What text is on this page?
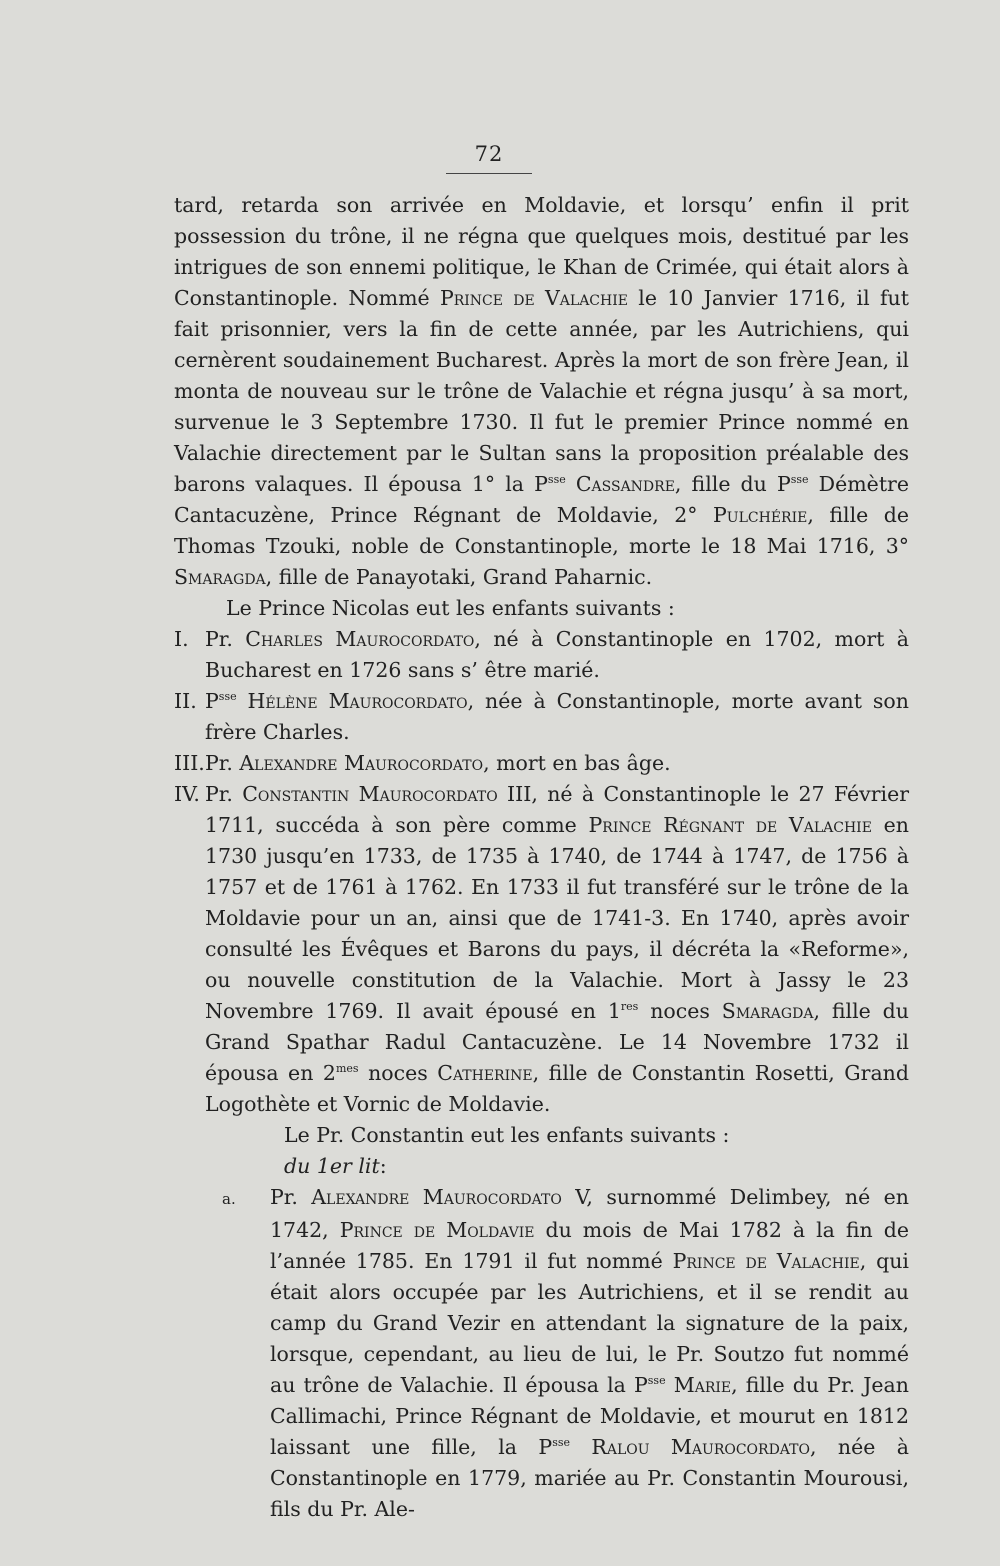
72

tard, retarda son arrivée en Moldavie, et lorsqu’ enfin il prit possession du trône, il ne régna que quelques mois, destitué par les intrigues de son ennemi politique, le Khan de Crimée, qui était alors à Constantinople. Nommé Prince de Valachie le 10 Janvier 1716, il fut fait prisonnier, vers la fin de cette année, par les Autrichiens, qui cernèrent soudainement Bucharest. Après la mort de son frère Jean, il monta de nouveau sur le trône de Valachie et régna jusqu’ à sa mort, survenue le 3 Septembre 1730. Il fut le premier Prince nommé en Valachie directement par le Sultan sans la proposition préalable des barons valaques. Il épousa 1° la $P^{sse}$ Cassandre, fille du $P^{sse}$ Démètre Cantacuzène, Prince Régnant de Moldavie, 2° Pulchérie, fille de Thomas Tzouki, noble de Constantinople, morte le 18 Mai 1716, 3° Smaragda, fille de Panayotaki, Grand Paharnic.

Le Prince Nicolas eut les enfants suivants :

I. Pr. Charles Maurocordato, né à Constantinople en 1702, mort à Bucharest en 1726 sans s’ être marié.

II. $P^{sse}$ Hélène Maurocordato, née à Constantinople, morte avant son frère Charles.

III.Pr. Alexandre Maurocordato, mort en bas âge.

IV. Pr. Constantin Maurocordato III, né à Constantinople le 27 Février 1711, succéda à son père comme Prince Régnant de Valachie en 1730 jusqu’en 1733, de 1735 à 1740, de 1744 à 1747, de 1756 à 1757 et de 1761 à 1762. En 1733 il fut transféré sur le trône de la Moldavie pour un an, ainsi que de 1741-3. En 1740, après avoir consulté les Évêques et Barons du pays, il décréta la «Reforme», ou nouvelle constitution de la Valachie. Mort à Jassy le 23 Novembre 1769. Il avait épousé en 1res noces Smaragda, fille du Grand Spathar Radul Cantacuzène. Le 14 Novembre 1732 il épousa en $2^{mes}$ noces Catherine, fille de Constantin Rosetti, Grand Logothète et Vornic de Moldavie.

Le Pr. Constantin eut les enfants suivants :

du 1er lit:

a. Pr. Alexandre Maurocordato V, surnommé Delimbey, né en 1742, Prince de Moldavie du mois de Mai 1782 à la fin de l’année 1785. En 1791 il fut nommé Prince de Valachie, qui était alors occupée par les Autrichiens, et il se rendit au camp du Grand Vezir en attendant la signature de la paix, lorsque, cependant, au lieu de lui, le Pr. Soutzo fut nommé au trône de Valachie. Il épousa la $P^{sse}$ Marie, fille du Pr. Jean Callimachi, Prince Régnant de Moldavie, et mourut en 1812 laissant une fille, la $P^{sse}$ Ralou Maurocordato, née à Constantinople en 1779, mariée au Pr. Constantin Mourousi, fils du Pr. Ale-
